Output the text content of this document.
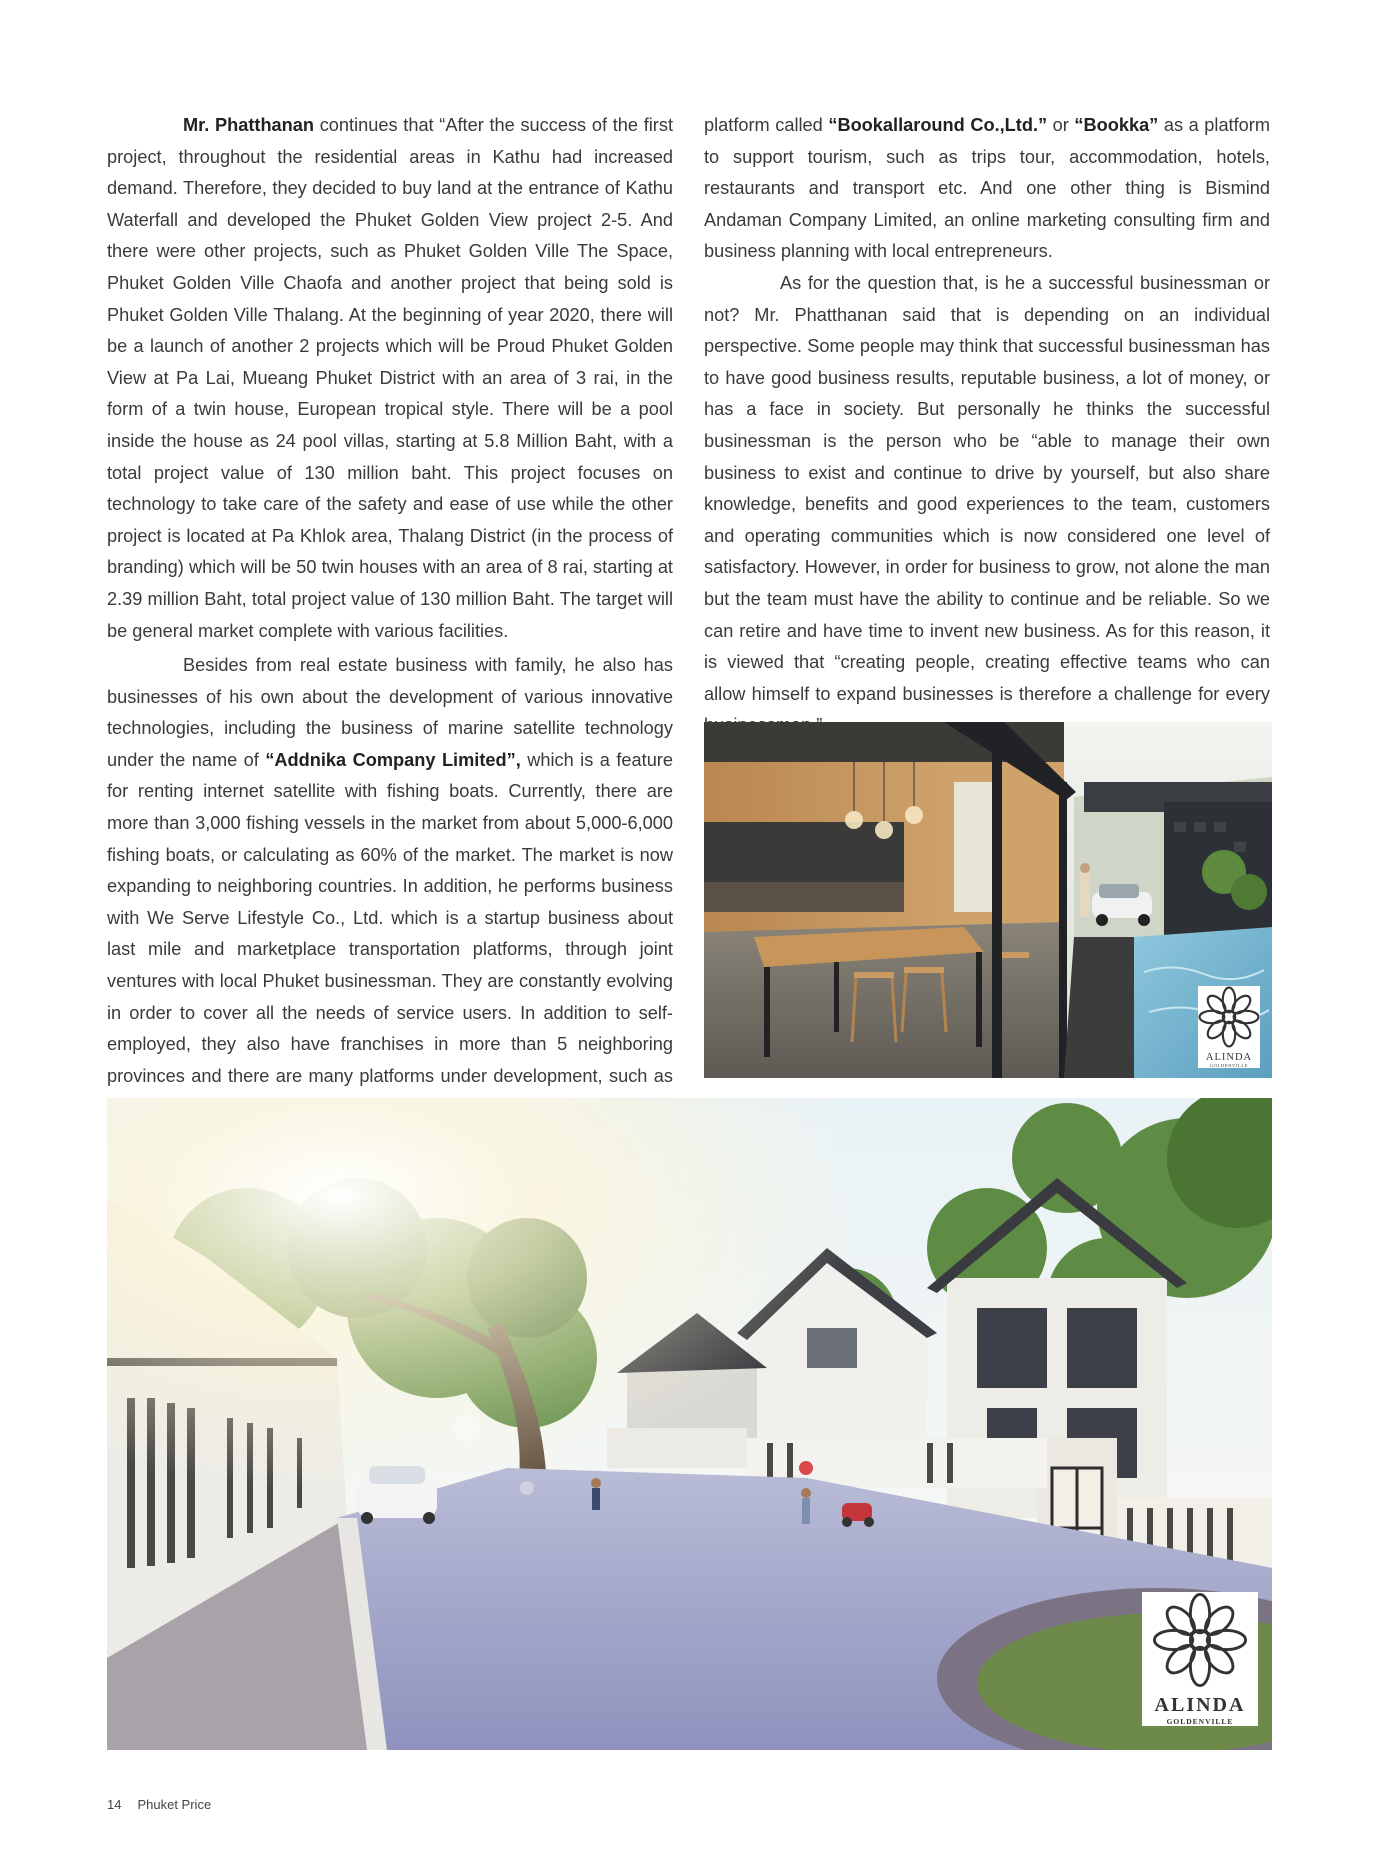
Mr. Phatthanan continues that “After the success of the first project, throughout the residential areas in Kathu had increased demand. Therefore, they decided to buy land at the entrance of Kathu Waterfall and developed the Phuket Golden View project 2-5. And there were other projects, such as Phuket Golden Ville The Space, Phuket Golden Ville Chaofa and another project that being sold is Phuket Golden Ville Thalang. At the beginning of year 2020, there will be a launch of another 2 projects which will be Proud Phuket Golden View at Pa Lai, Mueang Phuket District with an area of 3 rai, in the form of a twin house, European tropical style. There will be a pool inside the house as 24 pool villas, starting at 5.8 Million Baht, with a total project value of 130 million baht. This project focuses on technology to take care of the safety and ease of use while the other project is located at Pa Khlok area, Thalang District (in the process of branding) which will be 50 twin houses with an area of 8 rai, starting at 2.39 million Baht, total project value of 130 million Baht. The target will be general market complete with various facilities.

Besides from real estate business with family, he also has businesses of his own about the development of various innovative technologies, including the business of marine satellite technology under the name of “Addnika Company Limited”, which is a feature for renting internet satellite with fishing boats. Currently, there are more than 3,000 fishing vessels in the market from about 5,000-6,000 fishing boats, or calculating as 60% of the market. The market is now expanding to neighboring countries. In addition, he performs business with We Serve Lifestyle Co., Ltd. which is a startup business about last mile and marketplace transportation platforms, through joint ventures with local Phuket businessman. They are constantly evolving in order to cover all the needs of service users. In addition to self-employed, they also have franchises in more than 5 neighboring provinces and there are many platforms under development, such as

platform called “Bookallaround Co.,Ltd.” or “Bookka” as a platform to support tourism, such as trips tour, accommodation, hotels, restaurants and transport etc. And one other thing is Bismind Andaman Company Limited, an online marketing consulting firm and business planning with local entrepreneurs.

As for the question that, is he a successful businessman or not? Mr. Phatthanan said that is depending on an individual perspective. Some people may think that successful businessman has to have good business results, reputable business, a lot of money, or has a face in society. But personally he thinks the successful businessman is the person who be “able to manage their own business to exist and continue to drive by yourself, but also share knowledge, benefits and good experiences to the team, customers and operating communities which is now considered one level of satisfactory. However, in order for business to grow, not alone the man but the team must have the ability to continue and be reliable. So we can retire and have time to invent new business. As for this reason, it is viewed that “creating people, creating effective teams who can allow himself to expand businesses is therefore a challenge for every

ALINDA
GOLDENVILLE
ALINDA
GOLDENVILLE
14 Phuket Price
